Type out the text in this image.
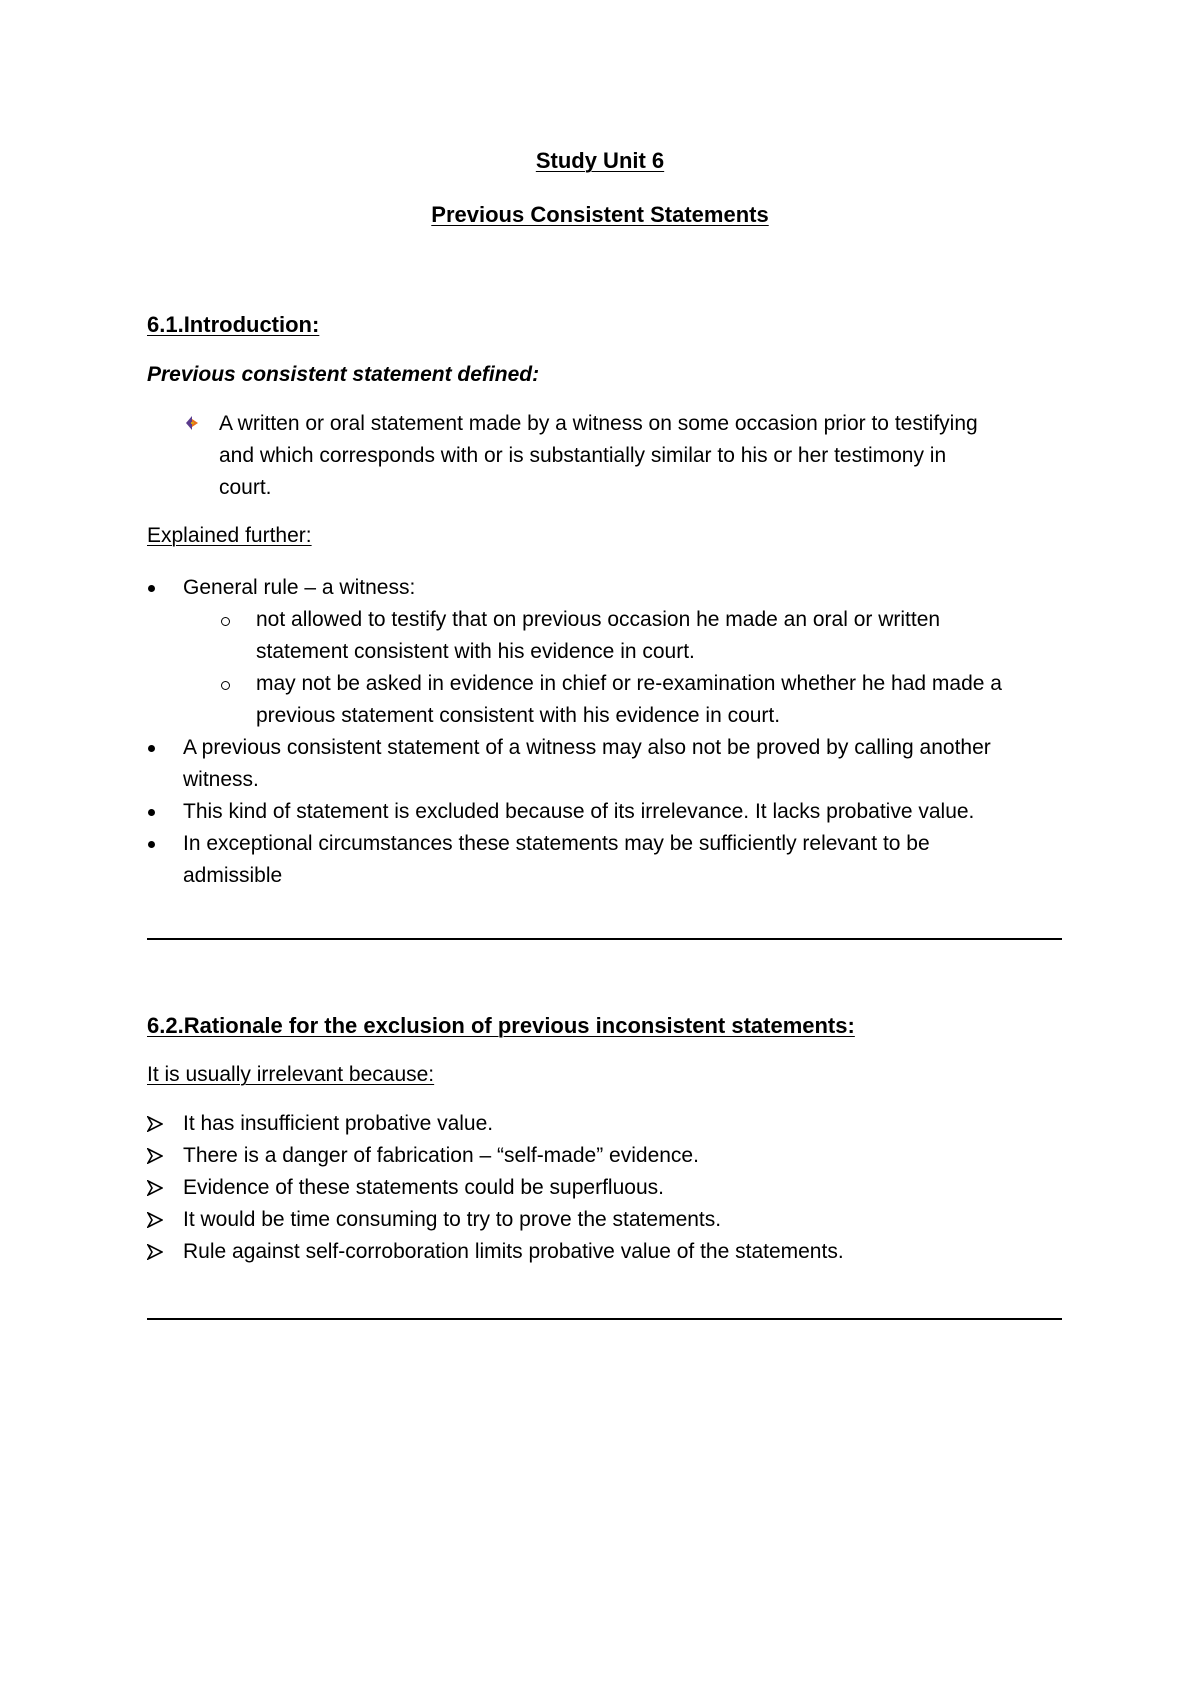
Study Unit 6
Previous Consistent Statements
6.1.Introduction:
Previous consistent statement defined:
A written or oral statement made by a witness on some occasion prior to testifying
and which corresponds with or is substantially similar to his or her testimony in
court.
Explained further:
General rule – a witness:
not allowed to testify that on previous occasion he made an oral or written
statement consistent with his evidence in court.
may not be asked in evidence in chief or re-examination whether he had made a
previous statement consistent with his evidence in court.
A previous consistent statement of a witness may also not be proved by calling another
witness.
This kind of statement is excluded because of its irrelevance. It lacks probative value.
In exceptional circumstances these statements may be sufficiently relevant to be
admissible
6.2.Rationale for the exclusion of previous inconsistent statements:
It is usually irrelevant because:
It has insufficient probative value.
There is a danger of fabrication – “self-made” evidence.
Evidence of these statements could be superfluous.
It would be time consuming to try to prove the statements.
Rule against self-corroboration limits probative value of the statements.
